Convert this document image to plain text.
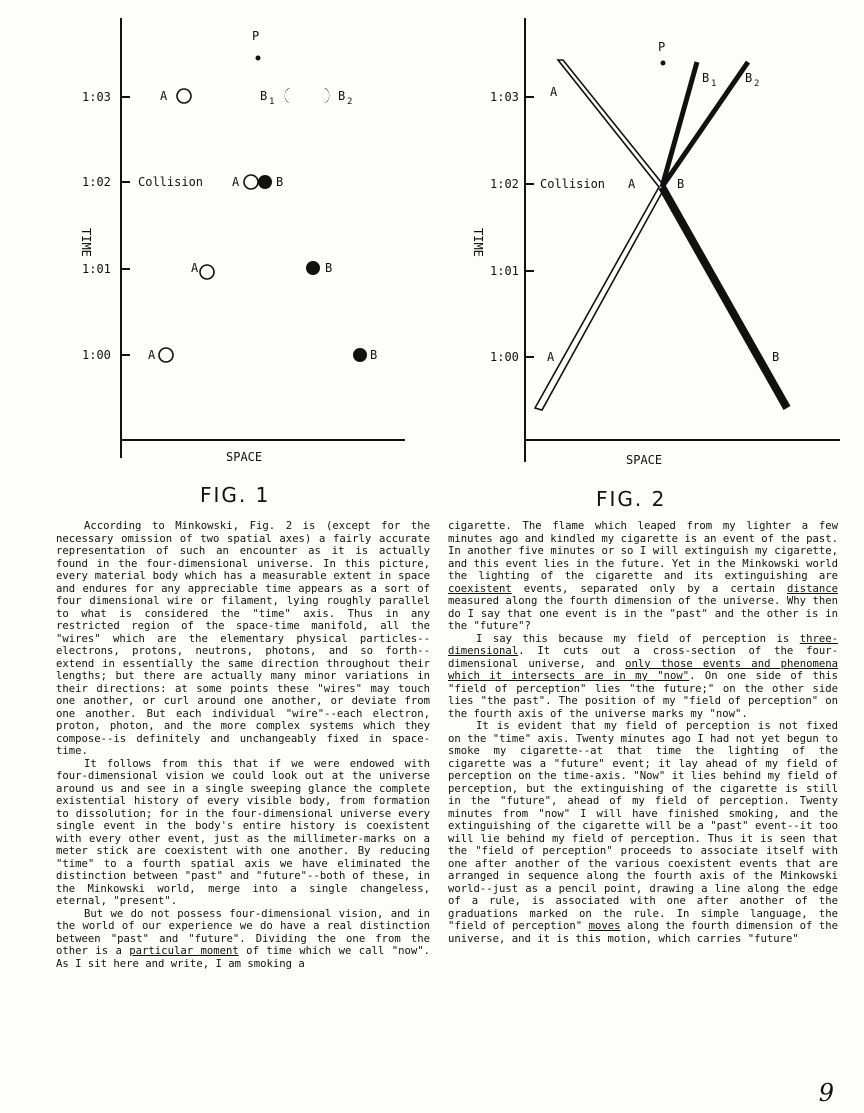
1:03
1:02
1:01
1:00
TIME
SPACE
Collision
P
A	B 1	B 2
A	B
A	B
A	B
FIG. 1
1:03
1:02
1:01
1:00
TIME
SPACE
Collision
P
A
A	B
A	B
B 1 B 2
FIG. 2

According to Minkowski, Fig. 2 is (except for the necessary omission of two spatial axes) a fairly accurate representation of such an encounter as it is actually found in the four-dimensional universe. In this picture, every material body which has a measurable extent in space and endures for any appreciable time appears as a sort of four dimensional wire or filament, lying roughly parallel to what is considered the "time" axis. Thus in any restricted region of the space-time manifold, all the "wires" which are the elementary physical particles--electrons, protons, neutrons, photons, and so forth--extend in essentially the same direction throughout their lengths; but there are actually many minor variations in their directions: at some points these "wires" may touch one another, or curl around one another, or deviate from one another. But each individual "wire"--each electron, proton, photon, and the more complex systems which they compose--is definitely and unchangeably fixed in space-time.

It follows from this that if we were endowed with four-dimensional vision we could look out at the universe around us and see in a single sweeping glance the complete existential history of every visible body, from formation to dissolution; for in the four-dimensional universe every single event in the body's entire history is coexistent with every other event, just as the millimeter-marks on a meter stick are coexistent with one another. By reducing "time" to a fourth spatial axis we have eliminated the distinction between "past" and "future"--both of these, in the Minkowski world, merge into a single changeless, eternal, "present".

But we do not possess four-dimensional vision, and in the world of our experience we do have a real distinction between "past" and "future". Dividing the one from the other is a particular moment of time which we call "now". As I sit here and write, I am smoking a

cigarette. The flame which leaped from my lighter a few minutes ago and kindled my cigarette is an event of the past. In another five minutes or so I will extinguish my cigarette, and this event lies in the future. Yet in the Minkowski world the lighting of the cigarette and its extinguishing are coexistent events, separated only by a certain distance measured along the fourth dimension of the universe. Why then do I say that one event is in the "past" and the other is in the "future"?

I say this because my field of perception is three-dimensional. It cuts out a cross-section of the four-dimensional universe, and only those events and phenomena which it intersects are in my "now". On one side of this "field of perception" lies "the future;" on the other side lies "the past". The position of my "field of perception" on the fourth axis of the universe marks my "now".

It is evident that my field of perception is not fixed on the "time" axis. Twenty minutes ago I had not yet begun to smoke my cigarette--at that time the lighting of the cigarette was a "future" event; it lay ahead of my field of perception on the time-axis. "Now" it lies behind my field of perception, but the extinguishing of the cigarette is still in the "future", ahead of my field of perception. Twenty minutes from "now" I will have finished smoking, and the extinguishing of the cigarette will be a "past" event--it too will lie behind my field of perception. Thus it is seen that the "field of perception" proceeds to associate itself with one after another of the various coexistent events that are arranged in sequence along the fourth axis of the Minkowski world--just as a pencil point, drawing a line along the edge of a rule, is associated with one after another of the graduations marked on the rule. In simple language, the "field of perception" moves along the fourth dimension of the universe, and it is this motion, which carries "future"

9
